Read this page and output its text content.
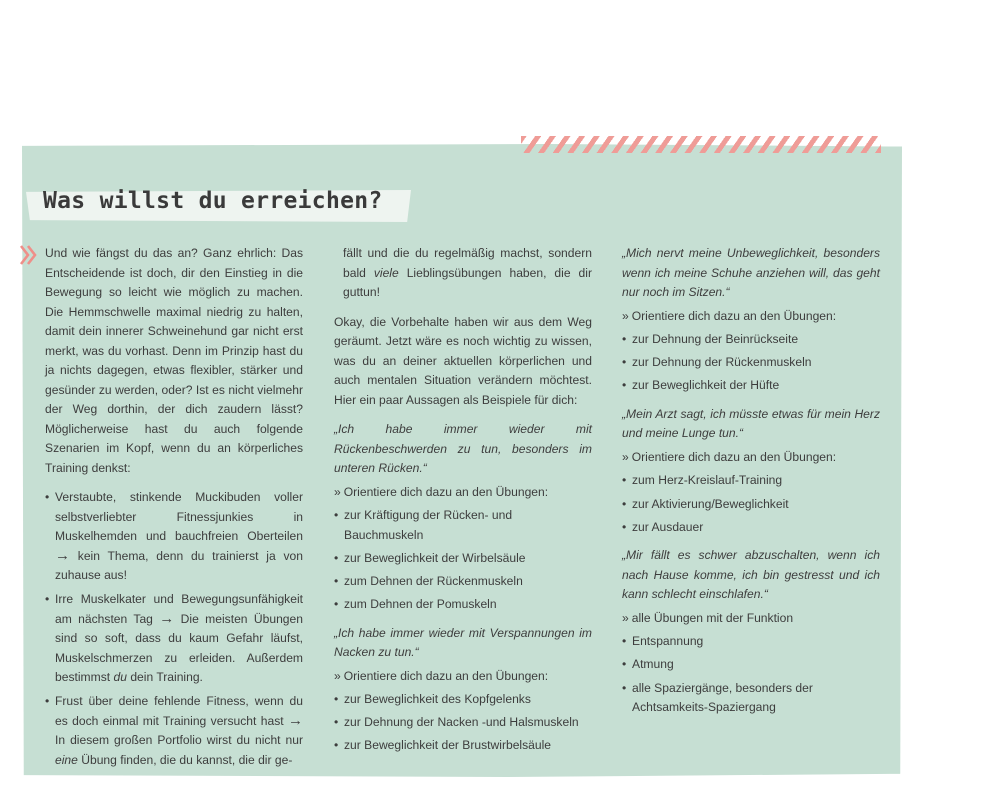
Was willst du erreichen?

Und wie fängst du das an? Ganz ehrlich: Das Entscheidende ist doch, dir den Einstieg in die Bewegung so leicht wie möglich zu machen. Die Hemmschwelle maximal niedrig zu halten, damit dein innerer Schweinehund gar nicht erst merkt, was du vorhast. Denn im Prinzip hast du ja nichts dagegen, etwas flexibler, stärker und gesünder zu werden, oder? Ist es nicht vielmehr der Weg dorthin, der dich zaudern lässt? Möglicherweise hast du auch folgende Szenarien im Kopf, wenn du an körperliches Training denkst:

• Verstaubte, stinkende Muckibuden voller selbstverliebter Fitnessjunkies in Muskelhemden und bauchfreien Oberteilen → kein Thema, denn du trainierst ja von zuhause aus!
• Irre Muskelkater und Bewegungsunfähigkeit am nächsten Tag → Die meisten Übungen sind so soft, dass du kaum Gefahr läufst, Muskelschmerzen zu erleiden. Außerdem bestimmst du dein Training.
• Frust über deine fehlende Fitness, wenn du es doch einmal mit Training versucht hast → In diesem großen Portfolio wirst du nicht nur eine Übung finden, die du kannst, die dir ge-

fällt und die du regelmäßig machst, sondern bald viele Lieblingsübungen haben, die dir guttun!

Okay, die Vorbehalte haben wir aus dem Weg geräumt. Jetzt wäre es noch wichtig zu wissen, was du an deiner aktuellen körperlichen und auch mentalen Situation verändern möchtest. Hier ein paar Aussagen als Beispiele für dich:

„Ich habe immer wieder mit Rückenbeschwerden zu tun, besonders im unteren Rücken.“

» Orientiere dich dazu an den Übungen:

• zur Kräftigung der Rücken- und Bauchmuskeln
• zur Beweglichkeit der Wirbelsäule
• zum Dehnen der Rückenmuskeln
• zum Dehnen der Pomuskeln

„Ich habe immer wieder mit Verspannungen im Nacken zu tun.“

» Orientiere dich dazu an den Übungen:

• zur Beweglichkeit des Kopfgelenks
• zur Dehnung der Nacken -und Halsmuskeln
• zur Beweglichkeit der Brustwirbelsäule

„Mich nervt meine Unbeweglichkeit, besonders wenn ich meine Schuhe anziehen will, das geht nur noch im Sitzen.“

» Orientiere dich dazu an den Übungen:

• zur Dehnung der Beinrückseite
• zur Dehnung der Rückenmuskeln
• zur Beweglichkeit der Hüfte

„Mein Arzt sagt, ich müsste etwas für mein Herz und meine Lunge tun.“

» Orientiere dich dazu an den Übungen:

• zum Herz-Kreislauf-Training
• zur Aktivierung/Beweglichkeit
• zur Ausdauer

„Mir fällt es schwer abzuschalten, wenn ich nach Hause komme, ich bin gestresst und ich kann schlecht einschlafen.“

» alle Übungen mit der Funktion

• Entspannung
• Atmung
• alle Spaziergänge, besonders der Achtsamkeits-Spaziergang
